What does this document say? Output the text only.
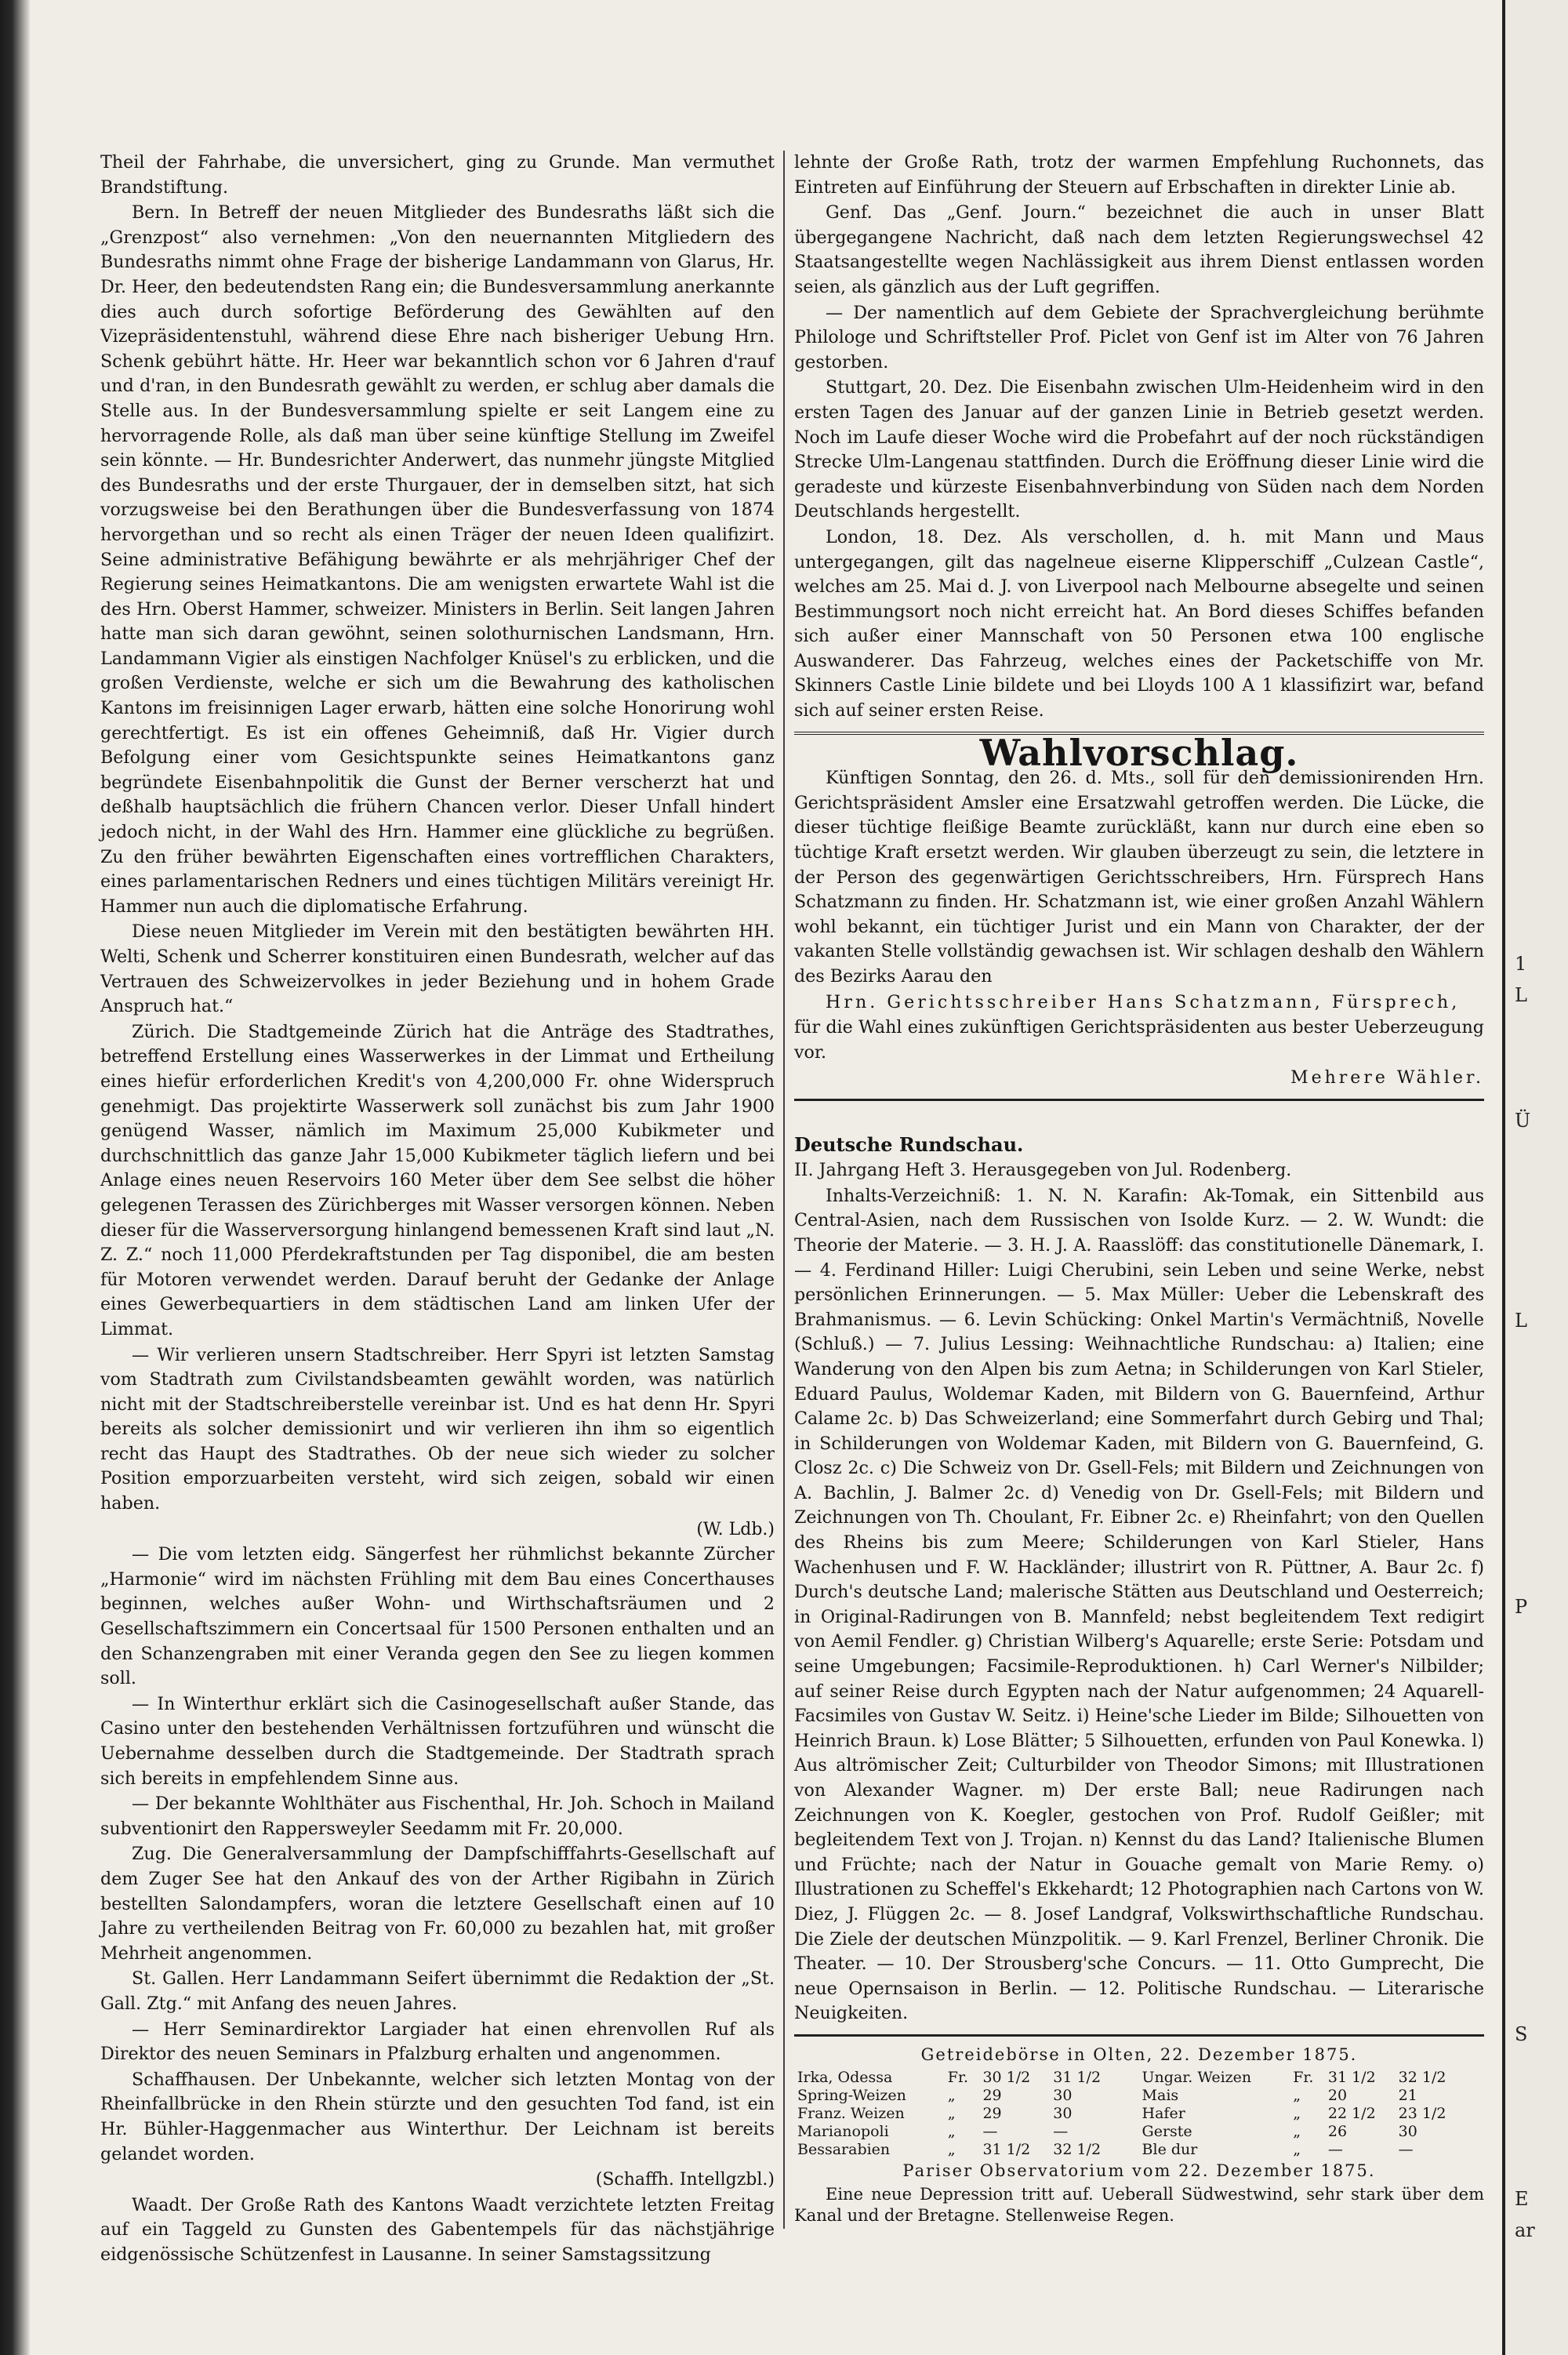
1
L
Ü
L
P
S
E
ar

Theil der Fahrhabe, die unversichert, ging zu Grunde. Man vermuthet Brandstiftung.

Bern. In Betreff der neuen Mitglieder des Bundesraths läßt sich die „Grenzpost“ also vernehmen: „Von den neuernannten Mitgliedern des Bundesraths nimmt ohne Frage der bisherige Landammann von Glarus, Hr. Dr. Heer, den bedeutendsten Rang ein; die Bundesversammlung anerkannte dies auch durch sofortige Beförderung des Gewählten auf den Vizepräsidentenstuhl, während diese Ehre nach bisheriger Uebung Hrn. Schenk gebührt hätte. Hr. Heer war bekanntlich schon vor 6 Jahren d'rauf und d'ran, in den Bundesrath gewählt zu werden, er schlug aber damals die Stelle aus. In der Bundesversammlung spielte er seit Langem eine zu hervorragende Rolle, als daß man über seine künftige Stellung im Zweifel sein könnte. — Hr. Bundesrichter Anderwert, das nunmehr jüngste Mitglied des Bundesraths und der erste Thurgauer, der in demselben sitzt, hat sich vorzugsweise bei den Berathungen über die Bundesverfassung von 1874 hervorgethan und so recht als einen Träger der neuen Ideen qualifizirt. Seine administrative Befähigung bewährte er als mehrjähriger Chef der Regierung seines Heimatkantons. Die am wenigsten erwartete Wahl ist die des Hrn. Oberst Hammer, schweizer. Ministers in Berlin. Seit langen Jahren hatte man sich daran gewöhnt, seinen solothurnischen Landsmann, Hrn. Landammann Vigier als einstigen Nachfolger Knüsel's zu erblicken, und die großen Verdienste, welche er sich um die Bewahrung des katholischen Kantons im freisinnigen Lager erwarb, hätten eine solche Honorirung wohl gerechtfertigt. Es ist ein offenes Geheimniß, daß Hr. Vigier durch Befolgung einer vom Gesichtspunkte seines Heimatkantons ganz begründete Eisenbahnpolitik die Gunst der Berner verscherzt hat und deßhalb hauptsächlich die frühern Chancen verlor. Dieser Unfall hindert jedoch nicht, in der Wahl des Hrn. Hammer eine glückliche zu begrüßen. Zu den früher bewährten Eigenschaften eines vortrefflichen Charakters, eines parlamentarischen Redners und eines tüchtigen Militärs vereinigt Hr. Hammer nun auch die diplomatische Erfahrung.

Diese neuen Mitglieder im Verein mit den bestätigten bewährten HH. Welti, Schenk und Scherrer konstituiren einen Bundesrath, welcher auf das Vertrauen des Schweizervolkes in jeder Beziehung und in hohem Grade Anspruch hat.“

Zürich. Die Stadtgemeinde Zürich hat die Anträge des Stadtrathes, betreffend Erstellung eines Wasserwerkes in der Limmat und Ertheilung eines hiefür erforderlichen Kredit's von 4,200,000 Fr. ohne Widerspruch genehmigt. Das projektirte Wasserwerk soll zunächst bis zum Jahr 1900 genügend Wasser, nämlich im Maximum 25,000 Kubikmeter und durchschnittlich das ganze Jahr 15,000 Kubikmeter täglich liefern und bei Anlage eines neuen Reservoirs 160 Meter über dem See selbst die höher gelegenen Terassen des Zürichberges mit Wasser versorgen können. Neben dieser für die Wasserversorgung hinlangend bemessenen Kraft sind laut „N. Z. Z.“ noch 11,000 Pferdekraftstunden per Tag disponibel, die am besten für Motoren verwendet werden. Darauf beruht der Gedanke der Anlage eines Gewerbequartiers in dem städtischen Land am linken Ufer der Limmat.

— Wir verlieren unsern Stadtschreiber. Herr Spyri ist letzten Samstag vom Stadtrath zum Civilstandsbeamten gewählt worden, was natürlich nicht mit der Stadtschreiberstelle vereinbar ist. Und es hat denn Hr. Spyri bereits als solcher demissionirt und wir verlieren ihn ihm so eigentlich recht das Haupt des Stadtrathes. Ob der neue sich wieder zu solcher Position emporzuarbeiten versteht, wird sich zeigen, sobald wir einen haben.

(W. Ldb.)

— Die vom letzten eidg. Sängerfest her rühmlichst bekannte Zürcher „Harmonie“ wird im nächsten Frühling mit dem Bau eines Concerthauses beginnen, welches außer Wohn- und Wirthschaftsräumen und 2 Gesellschaftszimmern ein Concertsaal für 1500 Personen enthalten und an den Schanzengraben mit einer Veranda gegen den See zu liegen kommen soll.

— In Winterthur erklärt sich die Casinogesellschaft außer Stande, das Casino unter den bestehenden Verhältnissen fortzuführen und wünscht die Uebernahme desselben durch die Stadtgemeinde. Der Stadtrath sprach sich bereits in empfehlendem Sinne aus.

— Der bekannte Wohlthäter aus Fischenthal, Hr. Joh. Schoch in Mailand subventionirt den Rappersweyler Seedamm mit Fr. 20,000.

Zug. Die Generalversammlung der Dampfschifffahrts-Gesellschaft auf dem Zuger See hat den Ankauf des von der Arther Rigibahn in Zürich bestellten Salondampfers, woran die letztere Gesellschaft einen auf 10 Jahre zu vertheilenden Beitrag von Fr. 60,000 zu bezahlen hat, mit großer Mehrheit angenommen.

St. Gallen. Herr Landammann Seifert übernimmt die Redaktion der „St. Gall. Ztg.“ mit Anfang des neuen Jahres.

— Herr Seminardirektor Largiader hat einen ehrenvollen Ruf als Direktor des neuen Seminars in Pfalzburg erhalten und angenommen.

Schaffhausen. Der Unbekannte, welcher sich letzten Montag von der Rheinfallbrücke in den Rhein stürzte und den gesuchten Tod fand, ist ein Hr. Bühler-Haggenmacher aus Winterthur. Der Leichnam ist bereits gelandet worden.

(Schaffh. Intellgzbl.)

Waadt. Der Große Rath des Kantons Waadt verzichtete letzten Freitag auf ein Taggeld zu Gunsten des Gabentempels für das nächstjährige eidgenössische Schützenfest in Lausanne. In seiner Samstagssitzung

lehnte der Große Rath, trotz der warmen Empfehlung Ruchonnets, das Eintreten auf Einführung der Steuern auf Erbschaften in direkter Linie ab.

Genf. Das „Genf. Journ.“ bezeichnet die auch in unser Blatt übergegangene Nachricht, daß nach dem letzten Regierungswechsel 42 Staatsangestellte wegen Nachlässigkeit aus ihrem Dienst entlassen worden seien, als gänzlich aus der Luft gegriffen.

— Der namentlich auf dem Gebiete der Sprachvergleichung berühmte Philologe und Schriftsteller Prof. Piclet von Genf ist im Alter von 76 Jahren gestorben.

Stuttgart, 20. Dez. Die Eisenbahn zwischen Ulm-Heidenheim wird in den ersten Tagen des Januar auf der ganzen Linie in Betrieb gesetzt werden. Noch im Laufe dieser Woche wird die Probefahrt auf der noch rückständigen Strecke Ulm-Langenau stattfinden. Durch die Eröffnung dieser Linie wird die geradeste und kürzeste Eisenbahnverbindung von Süden nach dem Norden Deutschlands hergestellt.

London, 18. Dez. Als verschollen, d. h. mit Mann und Maus untergegangen, gilt das nagelneue eiserne Klipperschiff „Culzean Castle“, welches am 25. Mai d. J. von Liverpool nach Melbourne absegelte und seinen Bestimmungsort noch nicht erreicht hat. An Bord dieses Schiffes befanden sich außer einer Mannschaft von 50 Personen etwa 100 englische Auswanderer. Das Fahrzeug, welches eines der Packetschiffe von Mr. Skinners Castle Linie bildete und bei Lloyds 100 A 1 klassifizirt war, befand sich auf seiner ersten Reise.

Wahlvorschlag.

Künftigen Sonntag, den 26. d. Mts., soll für den demissionirenden Hrn. Gerichtspräsident Amsler eine Ersatzwahl getroffen werden. Die Lücke, die dieser tüchtige fleißige Beamte zurückläßt, kann nur durch eine eben so tüchtige Kraft ersetzt werden. Wir glauben überzeugt zu sein, die letztere in der Person des gegenwärtigen Gerichtsschreibers, Hrn. Fürsprech Hans Schatzmann zu finden. Hr. Schatzmann ist, wie einer großen Anzahl Wählern wohl bekannt, ein tüchtiger Jurist und ein Mann von Charakter, der der vakanten Stelle vollständig gewachsen ist. Wir schlagen deshalb den Wählern des Bezirks Aarau den

Hrn. Gerichtsschreiber Hans Schatzmann, Fürsprech,

für die Wahl eines zukünftigen Gerichtspräsidenten aus bester Ueberzeugung vor.

Mehrere Wähler.

Deutsche Rundschau.
II. Jahrgang Heft 3. Herausgegeben von Jul. Rodenberg.

Inhalts-Verzeichniß: 1. N. N. Karafin: Ak-Tomak, ein Sittenbild aus Central-Asien, nach dem Russischen von Isolde Kurz. — 2. W. Wundt: die Theorie der Materie. — 3. H. J. A. Raasslöff: das constitutionelle Dänemark, I. — 4. Ferdinand Hiller: Luigi Cherubini, sein Leben und seine Werke, nebst persönlichen Erinnerungen. — 5. Max Müller: Ueber die Lebenskraft des Brahmanismus. — 6. Levin Schücking: Onkel Martin's Vermächtniß, Novelle (Schluß.) — 7. Julius Lessing: Weihnachtliche Rundschau: a) Italien; eine Wanderung von den Alpen bis zum Aetna; in Schilderungen von Karl Stieler, Eduard Paulus, Woldemar Kaden, mit Bildern von G. Bauernfeind, Arthur Calame 2c. b) Das Schweizerland; eine Sommerfahrt durch Gebirg und Thal; in Schilderungen von Woldemar Kaden, mit Bildern von G. Bauernfeind, G. Closz 2c. c) Die Schweiz von Dr. Gsell-Fels; mit Bildern und Zeichnungen von A. Bachlin, J. Balmer 2c. d) Venedig von Dr. Gsell-Fels; mit Bildern und Zeichnungen von Th. Choulant, Fr. Eibner 2c. e) Rheinfahrt; von den Quellen des Rheins bis zum Meere; Schilderungen von Karl Stieler, Hans Wachenhusen und F. W. Hackländer; illustrirt von R. Püttner, A. Baur 2c. f) Durch's deutsche Land; malerische Stätten aus Deutschland und Oesterreich; in Original-Radirungen von B. Mannfeld; nebst begleitendem Text redigirt von Aemil Fendler. g) Christian Wilberg's Aquarelle; erste Serie: Potsdam und seine Umgebungen; Facsimile-Reproduktionen. h) Carl Werner's Nilbilder; auf seiner Reise durch Egypten nach der Natur aufgenommen; 24 Aquarell-Facsimiles von Gustav W. Seitz. i) Heine'sche Lieder im Bilde; Silhouetten von Heinrich Braun. k) Lose Blätter; 5 Silhouetten, erfunden von Paul Konewka. l) Aus altrömischer Zeit; Culturbilder von Theodor Simons; mit Illustrationen von Alexander Wagner. m) Der erste Ball; neue Radirungen nach Zeichnungen von K. Koegler, gestochen von Prof. Rudolf Geißler; mit begleitendem Text von J. Trojan. n) Kennst du das Land? Italienische Blumen und Früchte; nach der Natur in Gouache gemalt von Marie Remy. o) Illustrationen zu Scheffel's Ekkehardt; 12 Photographien nach Cartons von W. Diez, J. Flüggen 2c. — 8. Josef Landgraf, Volkswirthschaftliche Rundschau. Die Ziele der deutschen Münzpolitik. — 9. Karl Frenzel, Berliner Chronik. Die Theater. — 10. Der Strousberg'sche Concurs. — 11. Otto Gumprecht, Die neue Opernsaison in Berlin. — 12. Politische Rundschau. — Literarische Neuigkeiten.

Getreidebörse in Olten, 22. Dezember 1875.

Irka, Odessa	Fr.	30 1/2	31 1/2	Ungar. Weizen	Fr.	31 1/2	32 1/2
Spring-Weizen	„	29	30	Mais	„	20	21
Franz. Weizen	„	29	30	Hafer	„	22 1/2	23 1/2
Marianopoli	„	—	—	Gerste	„	26	30
Bessarabien	„	31 1/2	32 1/2	Ble dur	„	—	—

Pariser Observatorium vom 22. Dezember 1875.

Eine neue Depression tritt auf. Ueberall Südwestwind, sehr stark über dem Kanal und der Bretagne. Stellenweise Regen.
